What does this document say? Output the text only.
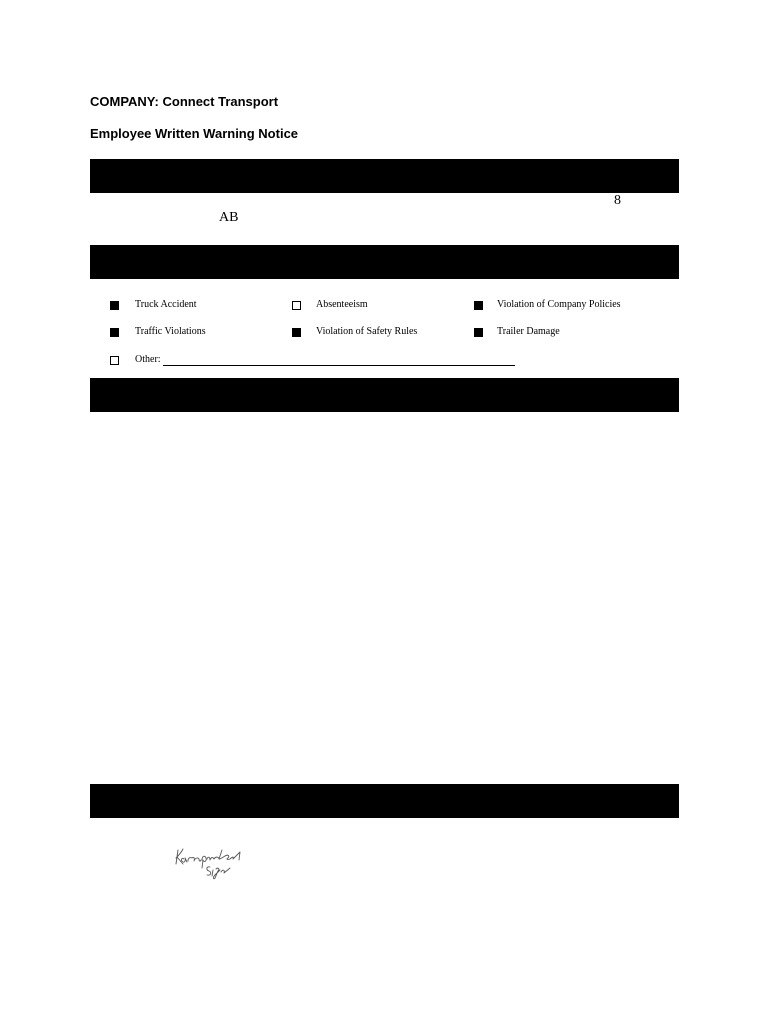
COMPANY: Connect Transport
Employee Written Warning Notice
8
AB
Truck Accident	Absenteeism	Violation of Company Policies
Traffic Violations	Violation of Safety Rules	Trailer Damage
Other:
